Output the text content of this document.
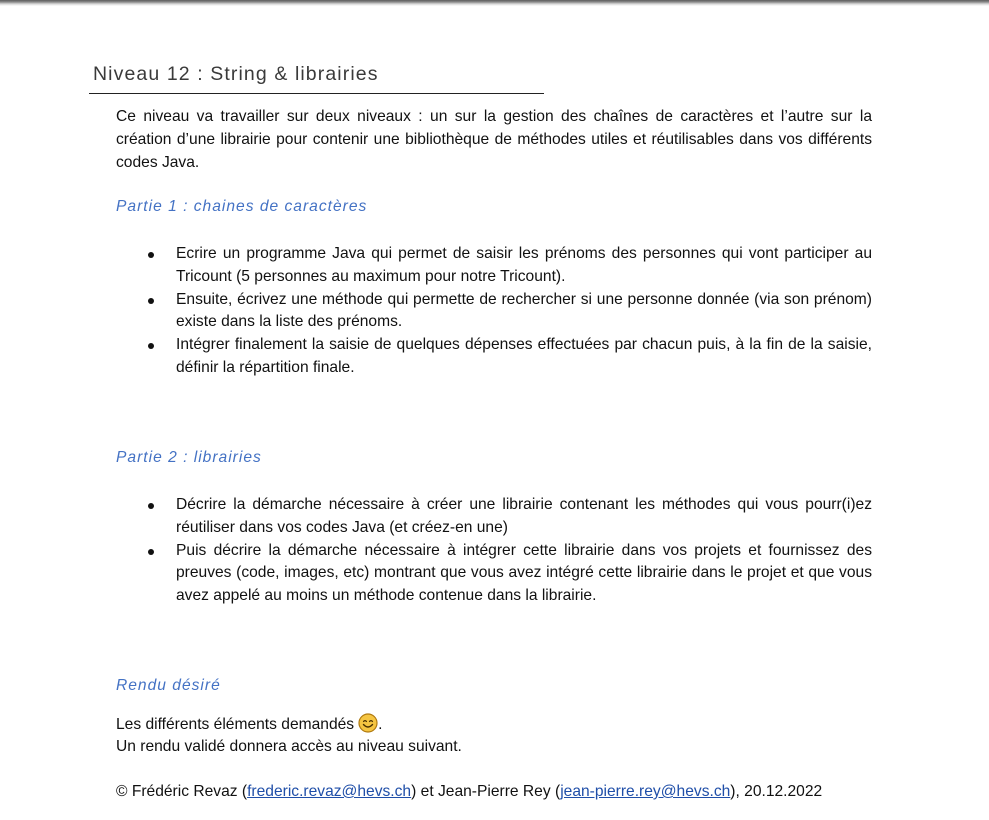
Niveau 12 : String & librairies

Ce niveau va travailler sur deux niveaux : un sur la gestion des chaînes de caractères et l’autre sur la création d’une librairie pour contenir une bibliothèque de méthodes utiles et réutilisables dans vos différents codes Java.

Partie 1 : chaines de caractères
Ecrire un programme Java qui permet de saisir les prénoms des personnes qui vont participer au Tricount (5 personnes au maximum pour notre Tricount).
Ensuite, écrivez une méthode qui permette de rechercher si une personne donnée (via son prénom) existe dans la liste des prénoms.
Intégrer finalement la saisie de quelques dépenses effectuées par chacun puis, à la fin de la saisie, définir la répartition finale.
Partie 2 : librairies
Décrire la démarche nécessaire à créer une librairie contenant les méthodes qui vous pourr(i)ez réutiliser dans vos codes Java (et créez-en une)
Puis décrire la démarche nécessaire à intégrer cette librairie dans vos projets et fournissez des preuves (code, images, etc) montrant que vous avez intégré cette librairie dans le projet et que vous avez appelé au moins un méthode contenue dans la librairie.
Rendu désiré
Les différents éléments demandés .
Un rendu validé donnera accès au niveau suivant.
© Frédéric Revaz (frederic.revaz@hevs.ch) et Jean-Pierre Rey (jean-pierre.rey@hevs.ch), 20.12.2022
